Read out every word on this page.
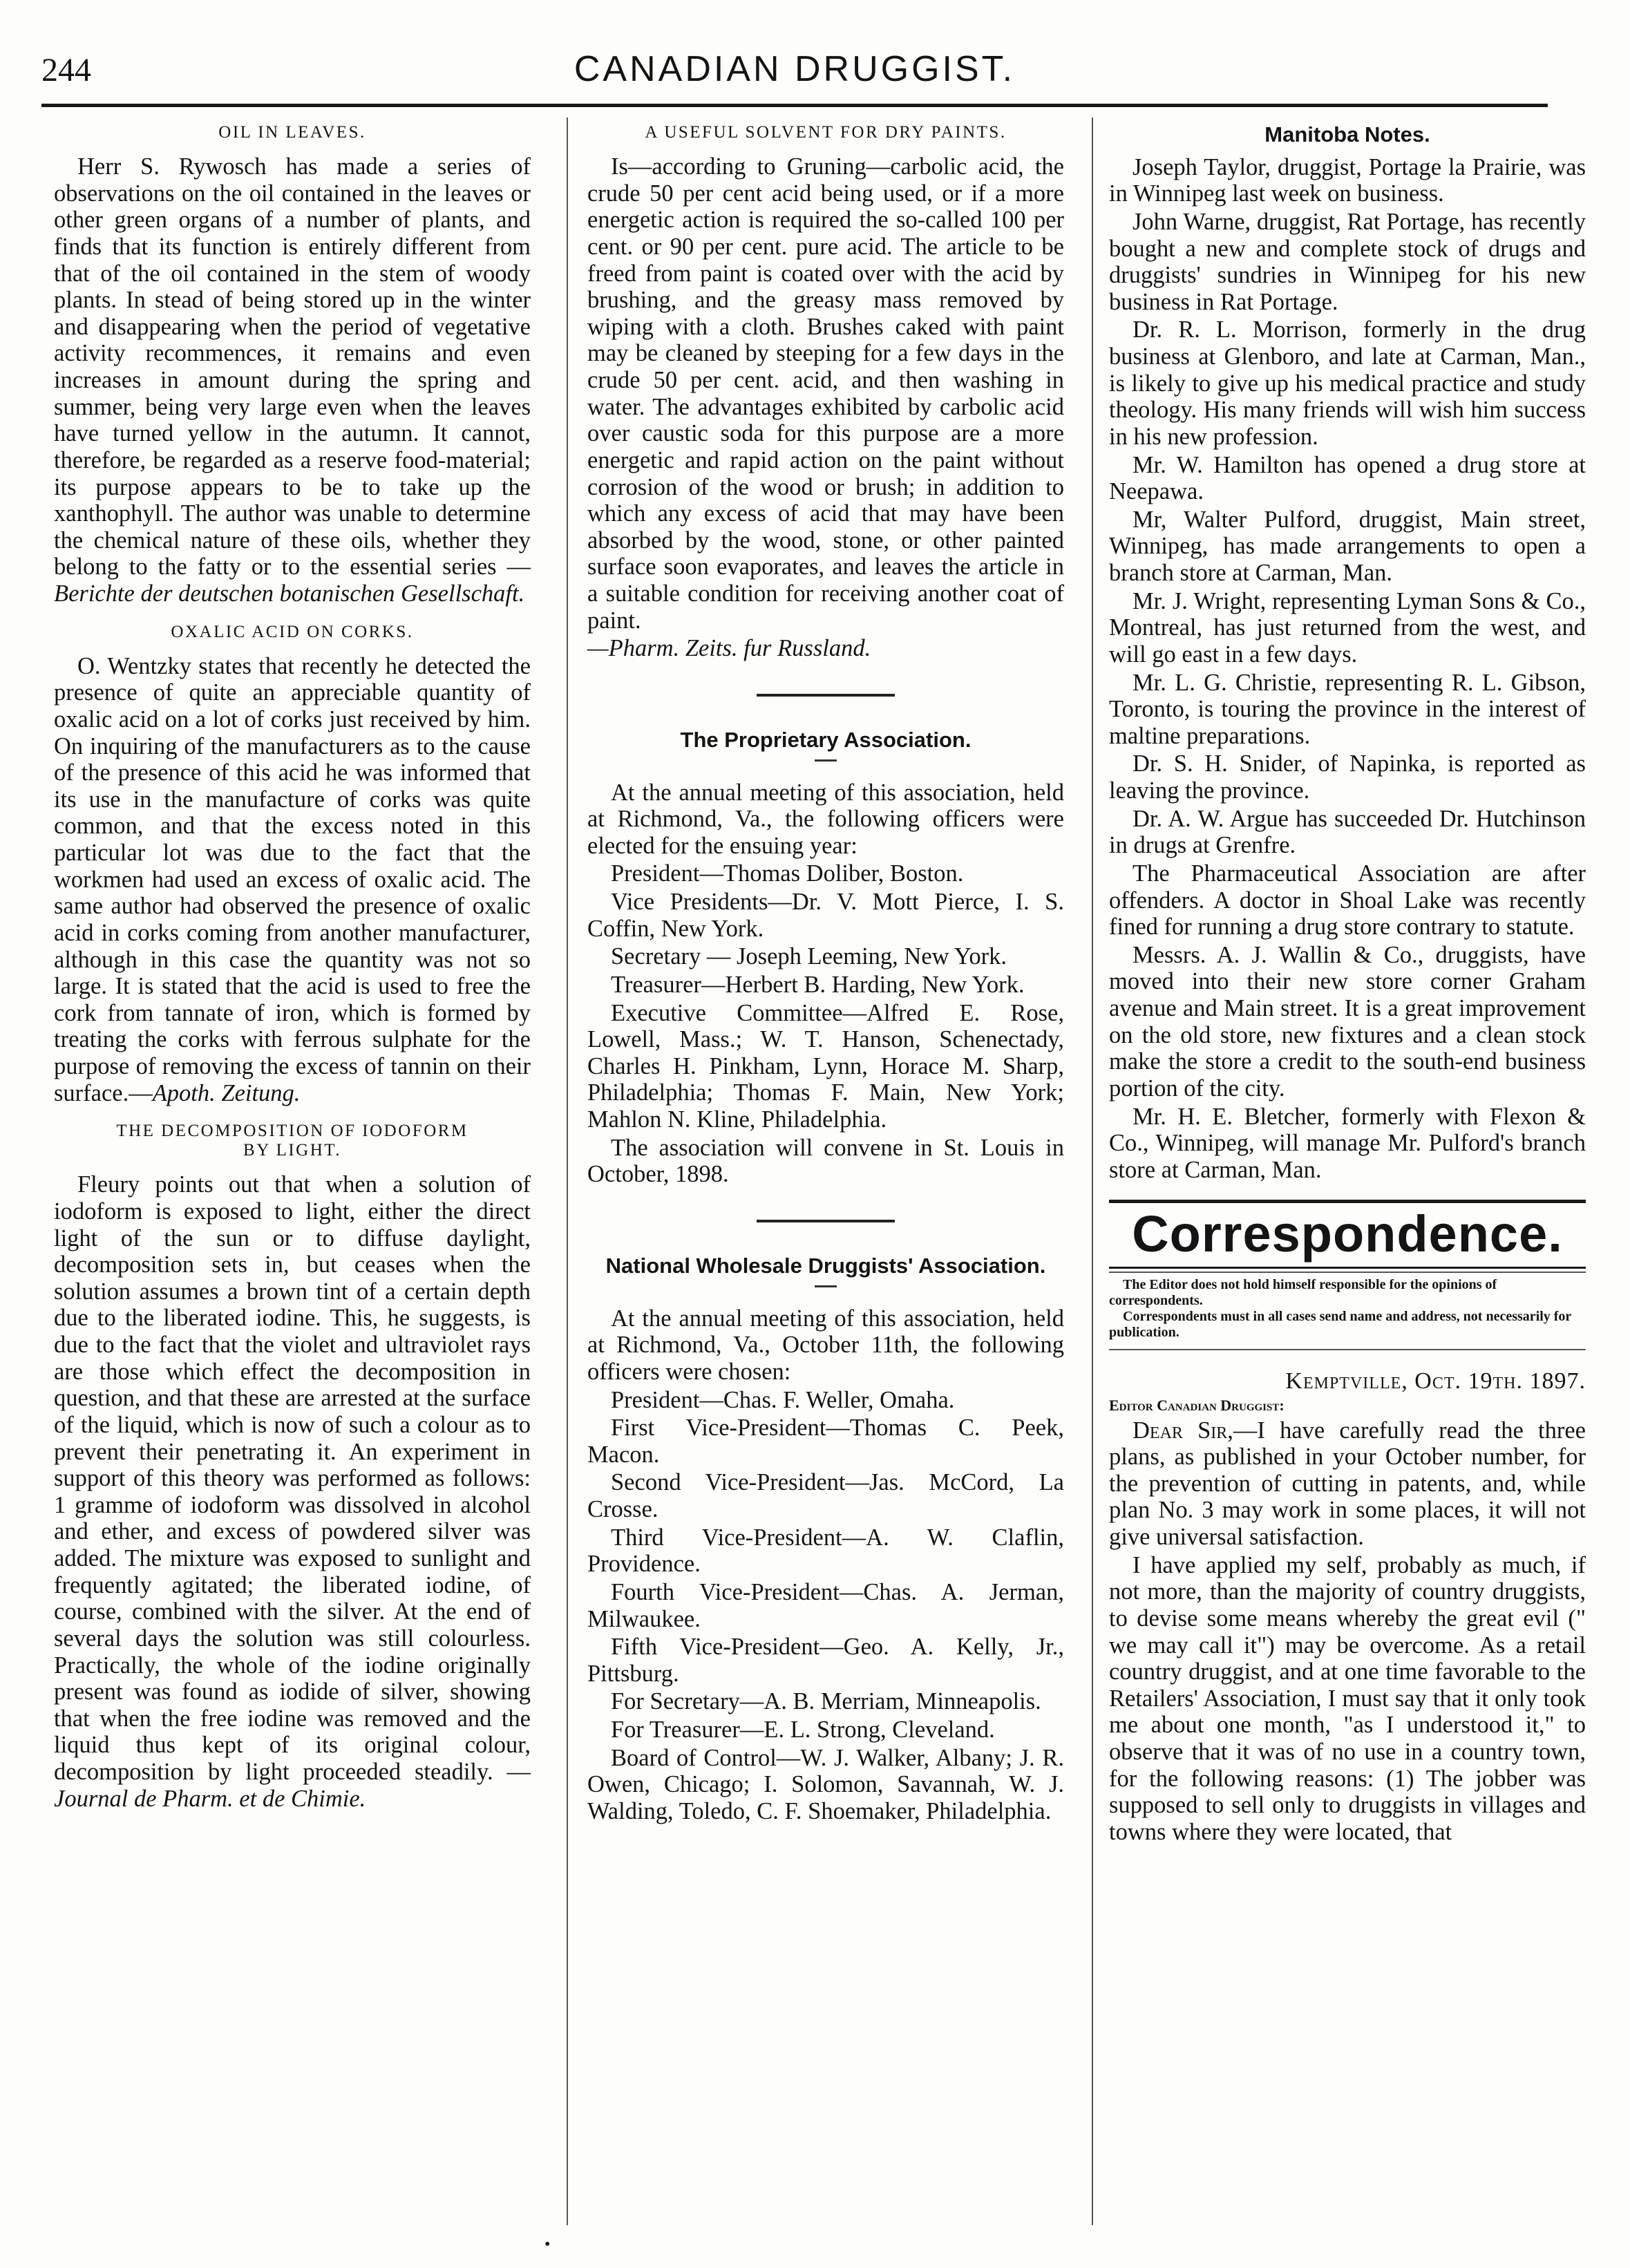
244	CANADIAN DRUGGIST.
OIL IN LEAVES.

Herr S. Rywosch has made a series of observations on the oil contained in the leaves or other green organs of a number of plants, and finds that its function is entirely different from that of the oil contained in the stem of woody plants. In stead of being stored up in the winter and disappearing when the period of vegetative activity recommences, it remains and even increases in amount during the spring and summer, being very large even when the leaves have turned yellow in the autumn. It cannot, therefore, be regarded as a reserve food-material; its purpose appears to be to take up the xanthophyll. The author was unable to determine the chemical nature of these oils, whether they belong to the fatty or to the essential series — Berichte der deutschen botanischen Gesellschaft.

OXALIC ACID ON CORKS.

O. Wentzky states that recently he detected the presence of quite an appreciable quantity of oxalic acid on a lot of corks just received by him. On inquiring of the manufacturers as to the cause of the presence of this acid he was informed that its use in the manufacture of corks was quite common, and that the excess noted in this particular lot was due to the fact that the workmen had used an excess of oxalic acid. The same author had observed the presence of oxalic acid in corks coming from another manufacturer, although in this case the quantity was not so large. It is stated that the acid is used to free the cork from tannate of iron, which is formed by treating the corks with ferrous sulphate for the purpose of removing the excess of tannin on their surface.—Apoth. Zeitung.

THE DECOMPOSITION OF IODOFORM
BY LIGHT.

Fleury points out that when a solution of iodoform is exposed to light, either the direct light of the sun or to diffuse daylight, decomposition sets in, but ceases when the solution assumes a brown tint of a certain depth due to the liberated iodine. This, he suggests, is due to the fact that the violet and ultraviolet rays are those which effect the decomposition in question, and that these are arrested at the surface of the liquid, which is now of such a colour as to prevent their penetrating it. An experiment in support of this theory was performed as follows: 1 gramme of iodoform was dissolved in alcohol and ether, and excess of powdered silver was added. The mixture was exposed to sunlight and frequently agitated; the liberated iodine, of course, combined with the silver. At the end of several days the solution was still colourless. Practically, the whole of the iodine originally present was found as iodide of silver, showing that when the free iodine was removed and the liquid thus kept of its original colour, decomposition by light proceeded steadily. —Journal de Pharm. et de Chimie.

A USEFUL SOLVENT FOR DRY PAINTS.

Is—according to Gruning—carbolic acid, the crude 50 per cent acid being used, or if a more energetic action is required the so-called 100 per cent. or 90 per cent. pure acid. The article to be freed from paint is coated over with the acid by brushing, and the greasy mass removed by wiping with a cloth. Brushes caked with paint may be cleaned by steeping for a few days in the crude 50 per cent. acid, and then washing in water. The advantages exhibited by carbolic acid over caustic soda for this purpose are a more energetic and rapid action on the paint without corrosion of the wood or brush; in addition to which any excess of acid that may have been absorbed by the wood, stone, or other painted surface soon evaporates, and leaves the article in a suitable condition for receiving another coat of paint.

—Pharm. Zeits. fur Russland.

The Proprietary Association.

At the annual meeting of this association, held at Richmond, Va., the following officers were elected for the ensuing year:

President—Thomas Doliber, Boston.

Vice Presidents—Dr. V. Mott Pierce, I. S. Coffin, New York.

Secretary — Joseph Leeming, New York.

Treasurer—Herbert B. Harding, New York.

Executive Committee—Alfred E. Rose, Lowell, Mass.; W. T. Hanson, Schenectady, Charles H. Pinkham, Lynn, Horace M. Sharp, Philadelphia; Thomas F. Main, New York; Mahlon N. Kline, Philadelphia.

The association will convene in St. Louis in October, 1898.

National Wholesale Druggists' Association.

At the annual meeting of this association, held at Richmond, Va., October 11th, the following officers were chosen:

President—Chas. F. Weller, Omaha.

First Vice-President—Thomas C. Peek, Macon.

Second Vice-President—Jas. McCord, La Crosse.

Third Vice-President—A. W. Claflin, Providence.

Fourth Vice-President—Chas. A. Jerman, Milwaukee.

Fifth Vice-President—Geo. A. Kelly, Jr., Pittsburg.

For Secretary—A. B. Merriam, Minneapolis.

For Treasurer—E. L. Strong, Cleveland.

Board of Control—W. J. Walker, Albany; J. R. Owen, Chicago; I. Solomon, Savannah, W. J. Walding, Toledo, C. F. Shoemaker, Philadelphia.

Manitoba Notes.

Joseph Taylor, druggist, Portage la Prairie, was in Winnipeg last week on business.

John Warne, druggist, Rat Portage, has recently bought a new and complete stock of drugs and druggists' sundries in Winnipeg for his new business in Rat Portage.

Dr. R. L. Morrison, formerly in the drug business at Glenboro, and late at Carman, Man., is likely to give up his medical practice and study theology. His many friends will wish him success in his new profession.

Mr. W. Hamilton has opened a drug store at Neepawa.

Mr, Walter Pulford, druggist, Main street, Winnipeg, has made arrangements to open a branch store at Carman, Man.

Mr. J. Wright, representing Lyman Sons & Co., Montreal, has just returned from the west, and will go east in a few days.

Mr. L. G. Christie, representing R. L. Gibson, Toronto, is touring the province in the interest of maltine preparations.

Dr. S. H. Snider, of Napinka, is reported as leaving the province.

Dr. A. W. Argue has succeeded Dr. Hutchinson in drugs at Grenfre.

The Pharmaceutical Association are after offenders. A doctor in Shoal Lake was recently fined for running a drug store contrary to statute.

Messrs. A. J. Wallin & Co., druggists, have moved into their new store corner Graham avenue and Main street. It is a great improvement on the old store, new fixtures and a clean stock make the store a credit to the south-end business portion of the city.

Mr. H. E. Bletcher, formerly with Flexon & Co., Winnipeg, will manage Mr. Pulford's branch store at Carman, Man.

Correspondence.
The Editor does not hold himself responsible for the opinions of correspondents.
Correspondents must in all cases send name and address, not necessarily for publication.
Kemptville, Oct. 19th. 1897.
Editor Canadian Druggist:

Dear Sir,—I have carefully read the three plans, as published in your October number, for the prevention of cutting in patents, and, while plan No. 3 may work in some places, it will not give universal satisfaction.

I have applied my self, probably as much, if not more, than the majority of country druggists, to devise some means whereby the great evil (" we may call it") may be overcome. As a retail country druggist, and at one time favorable to the Retailers' Association, I must say that it only took me about one month, "as I understood it," to observe that it was of no use in a country town, for the following reasons: (1) The jobber was supposed to sell only to druggists in villages and towns where they were located, that

•
